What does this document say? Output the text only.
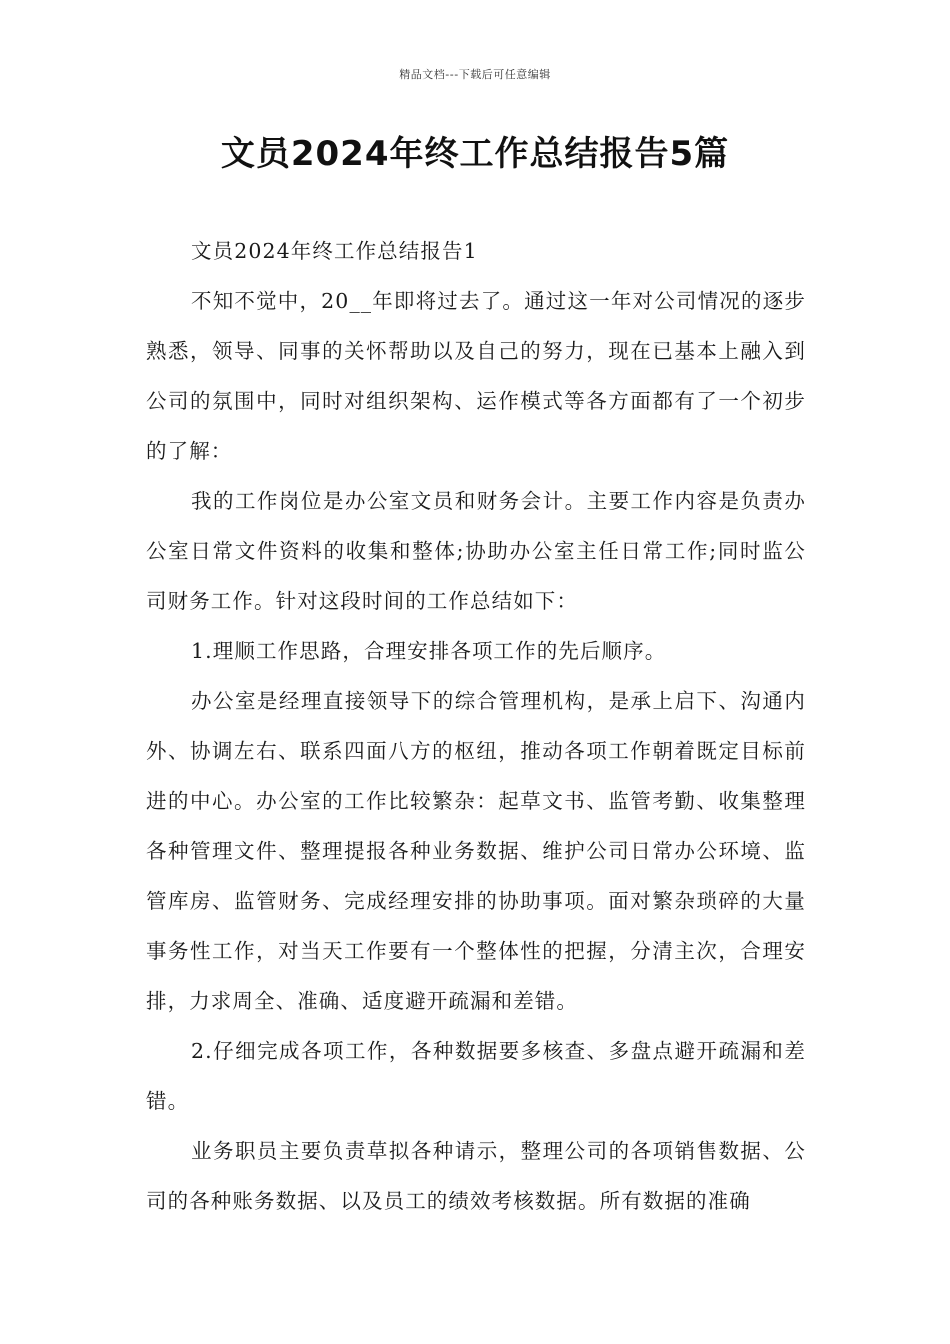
精品文档---下载后可任意编辑
文员2024年终工作总结报告5篇

文员2024年终工作总结报告1

不知不觉中，20__年即将过去了。通过这一年对公司情况的逐步熟悉，领导、同事的关怀帮助以及自己的努力，现在已基本上融入到公司的氛围中，同时对组织架构、运作模式等各方面都有了一个初步的了解：

我的工作岗位是办公室文员和财务会计。主要工作内容是负责办公室日常文件资料的收集和整体;协助办公室主任日常工作;同时监公司财务工作。针对这段时间的工作总结如下：

1.理顺工作思路，合理安排各项工作的先后顺序。

办公室是经理直接领导下的综合管理机构，是承上启下、沟通内外、协调左右、联系四面八方的枢纽，推动各项工作朝着既定目标前进的中心。办公室的工作比较繁杂：起草文书、监管考勤、收集整理各种管理文件、整理提报各种业务数据、维护公司日常办公环境、监管库房、监管财务、完成经理安排的协助事项。面对繁杂琐碎的大量事务性工作，对当天工作要有一个整体性的把握，分清主次，合理安排，力求周全、准确、适度避开疏漏和差错。

2.仔细完成各项工作，各种数据要多核查、多盘点避开疏漏和差错。

业务职员主要负责草拟各种请示，整理公司的各项销售数据、公司的各种账务数据、以及员工的绩效考核数据。所有数据的准确
